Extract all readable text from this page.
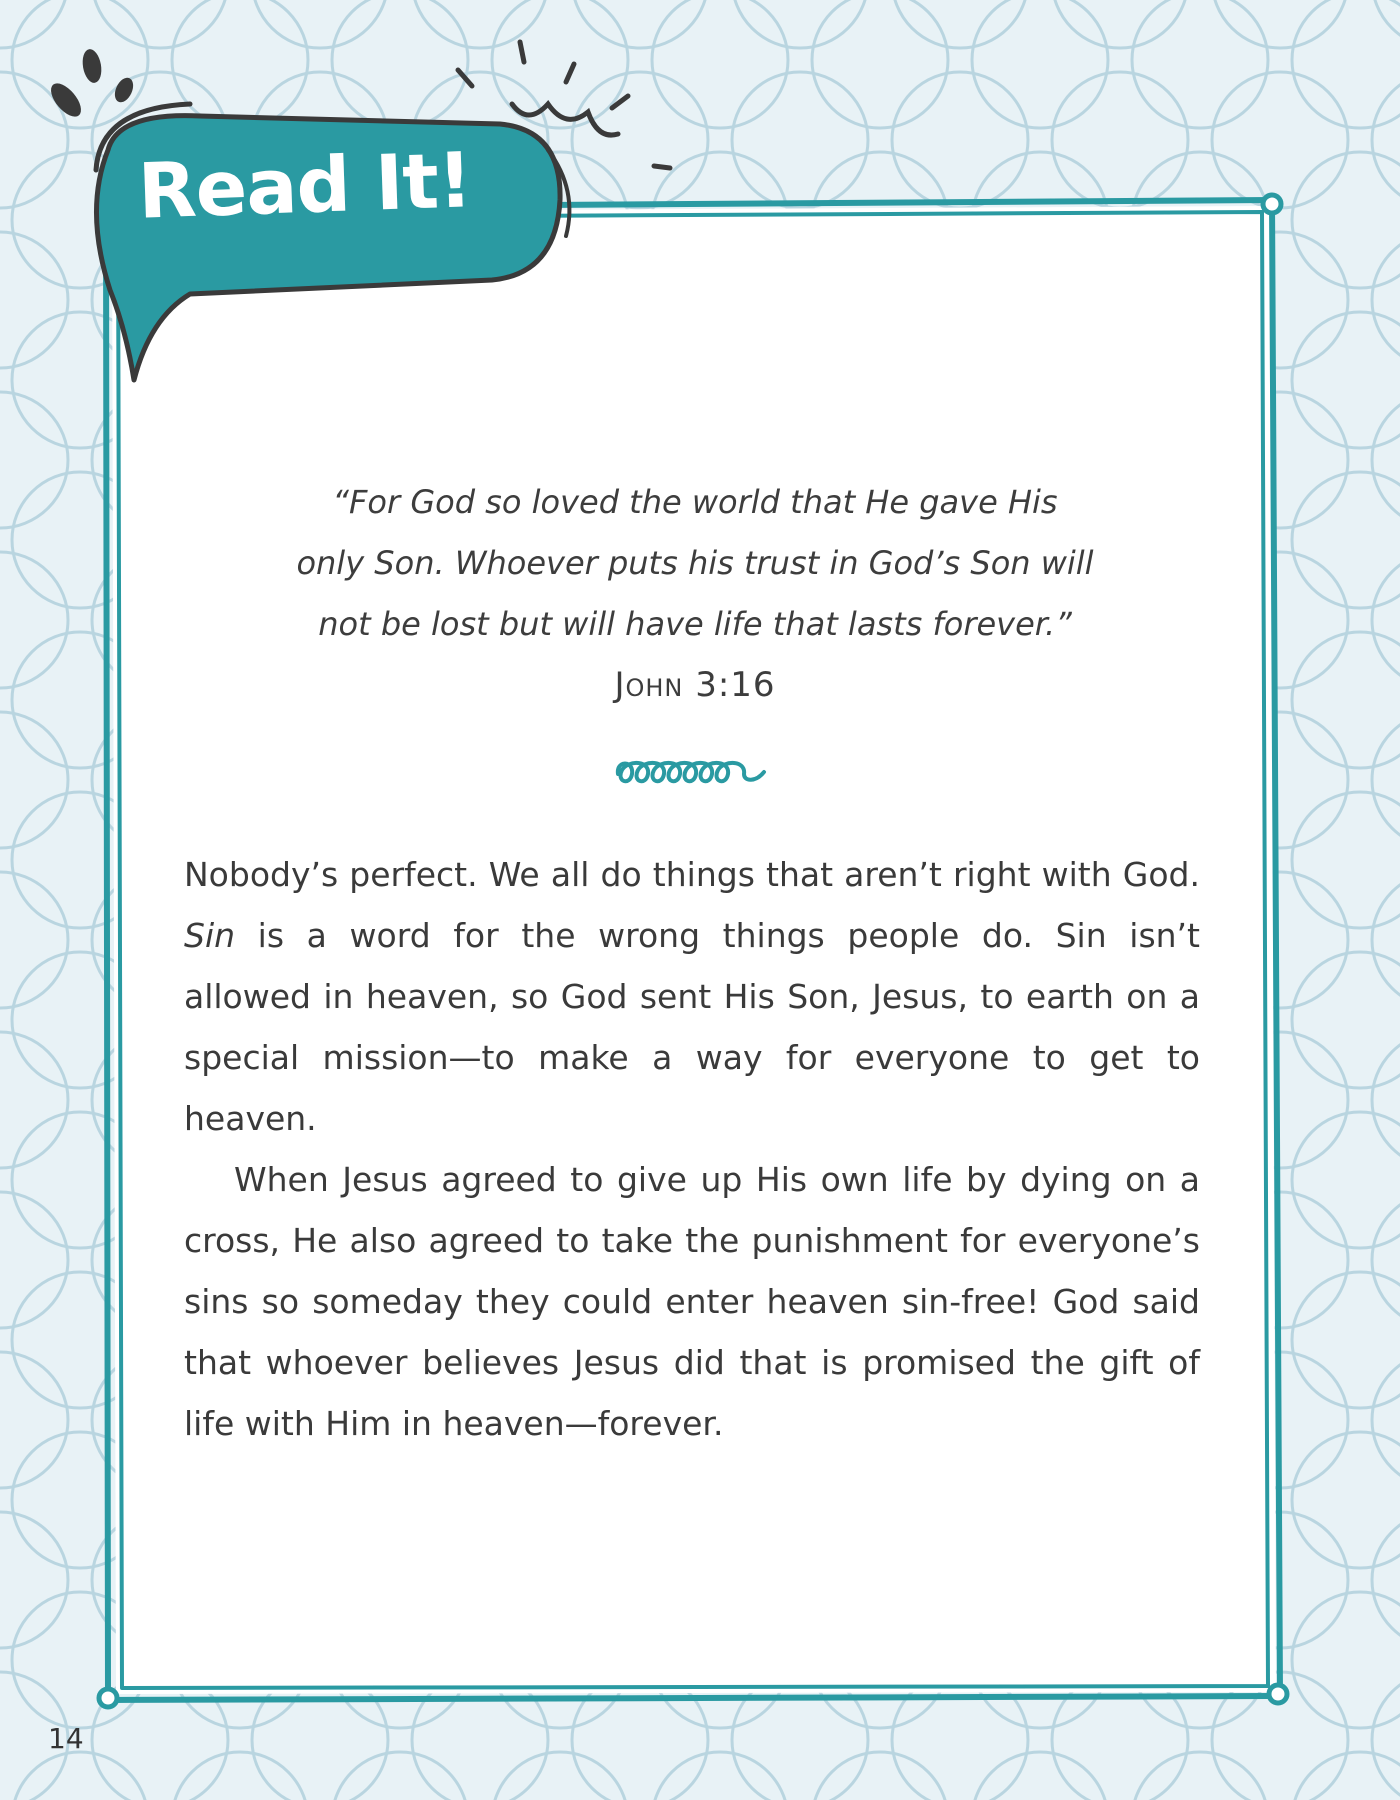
Read It!

“For God so loved the world that He gave His
only Son. Whoever puts his trust in God’s Son will
not be lost but will have life that lasts forever.”

John 3:16

Nobody’s perfect. We all do things that aren’t right with God. Sin is a word for the wrong things people do. Sin isn’t allowed in heaven, so God sent His Son, Jesus, to earth on a special mission—to make a way for everyone to get to heaven.

When Jesus agreed to give up His own life by dying on a cross, He also agreed to take the punishment for everyone’s sins so someday they could enter heaven sin-free! God said that whoever believes Jesus did that is promised the gift of life with Him in heaven—forever.

14
